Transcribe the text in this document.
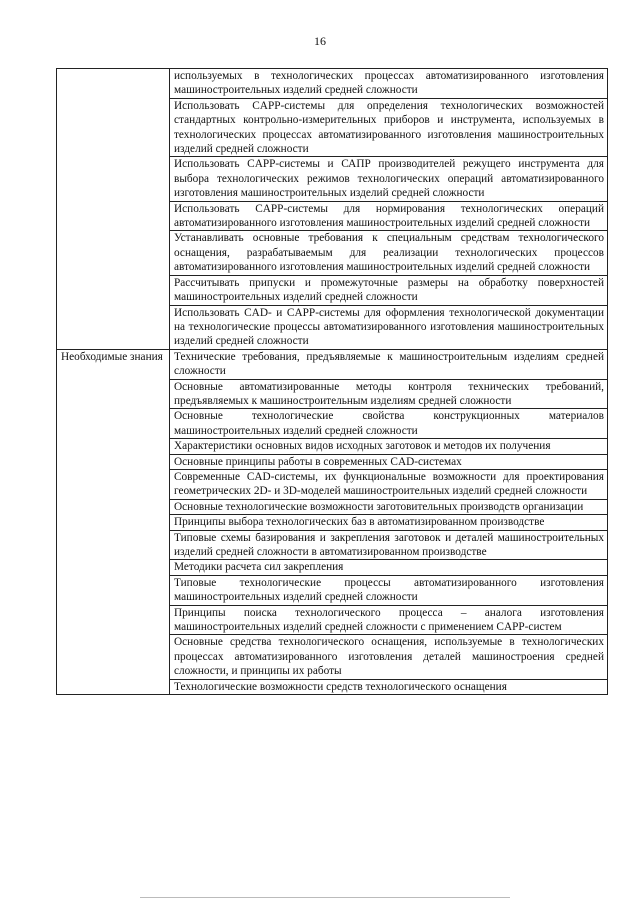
16
	используемых в технологических процессах автоматизированного изготовления машиностроительных изделий средней сложности
	Использовать CAPP-системы для определения технологических возможностей стандартных контрольно-измерительных приборов и инструмента, используемых в технологических процессах автоматизированного изготовления машиностроительных изделий средней сложности
	Использовать CAPP-системы и САПР производителей режущего инструмента для выбора технологических режимов технологических операций автоматизированного изготовления машиностроительных изделий средней сложности
	Использовать CAPP-системы для нормирования технологических операций автоматизированного изготовления машиностроительных изделий средней сложности
	Устанавливать основные требования к специальным средствам технологического оснащения, разрабатываемым для реализации технологических процессов автоматизированного изготовления машиностроительных изделий средней сложности
	Рассчитывать припуски и промежуточные размеры на обработку поверхностей машиностроительных изделий средней сложности
	Использовать CAD- и CAPP-системы для оформления технологической документации на технологические процессы автоматизированного изготовления машиностроительных изделий средней сложности
Необходимые знания	Технические требования, предъявляемые к машиностроительным изделиям средней сложности
	Основные автоматизированные методы контроля технических требований, предъявляемых к машиностроительным изделиям средней сложности
	Основные технологические свойства конструкционных материалов машиностроительных изделий средней сложности
	Характеристики основных видов исходных заготовок и методов их получения
	Основные принципы работы в современных CAD-системах
	Современные CAD-системы, их функциональные возможности для проектирования геометрических 2D- и 3D-моделей машиностроительных изделий средней сложности
	Основные технологические возможности заготовительных производств организации
	Принципы выбора технологических баз в автоматизированном производстве
	Типовые схемы базирования и закрепления заготовок и деталей машиностроительных изделий средней сложности в автоматизированном производстве
	Методики расчета сил закрепления
	Типовые технологические процессы автоматизированного изготовления машиностроительных изделий средней сложности
	Принципы поиска технологического процесса – аналога изготовления машиностроительных изделий средней сложности с применением CAPP-систем
	Основные средства технологического оснащения, используемые в технологических процессах автоматизированного изготовления деталей машиностроения средней сложности, и принципы их работы
	Технологические возможности средств технологического оснащения
